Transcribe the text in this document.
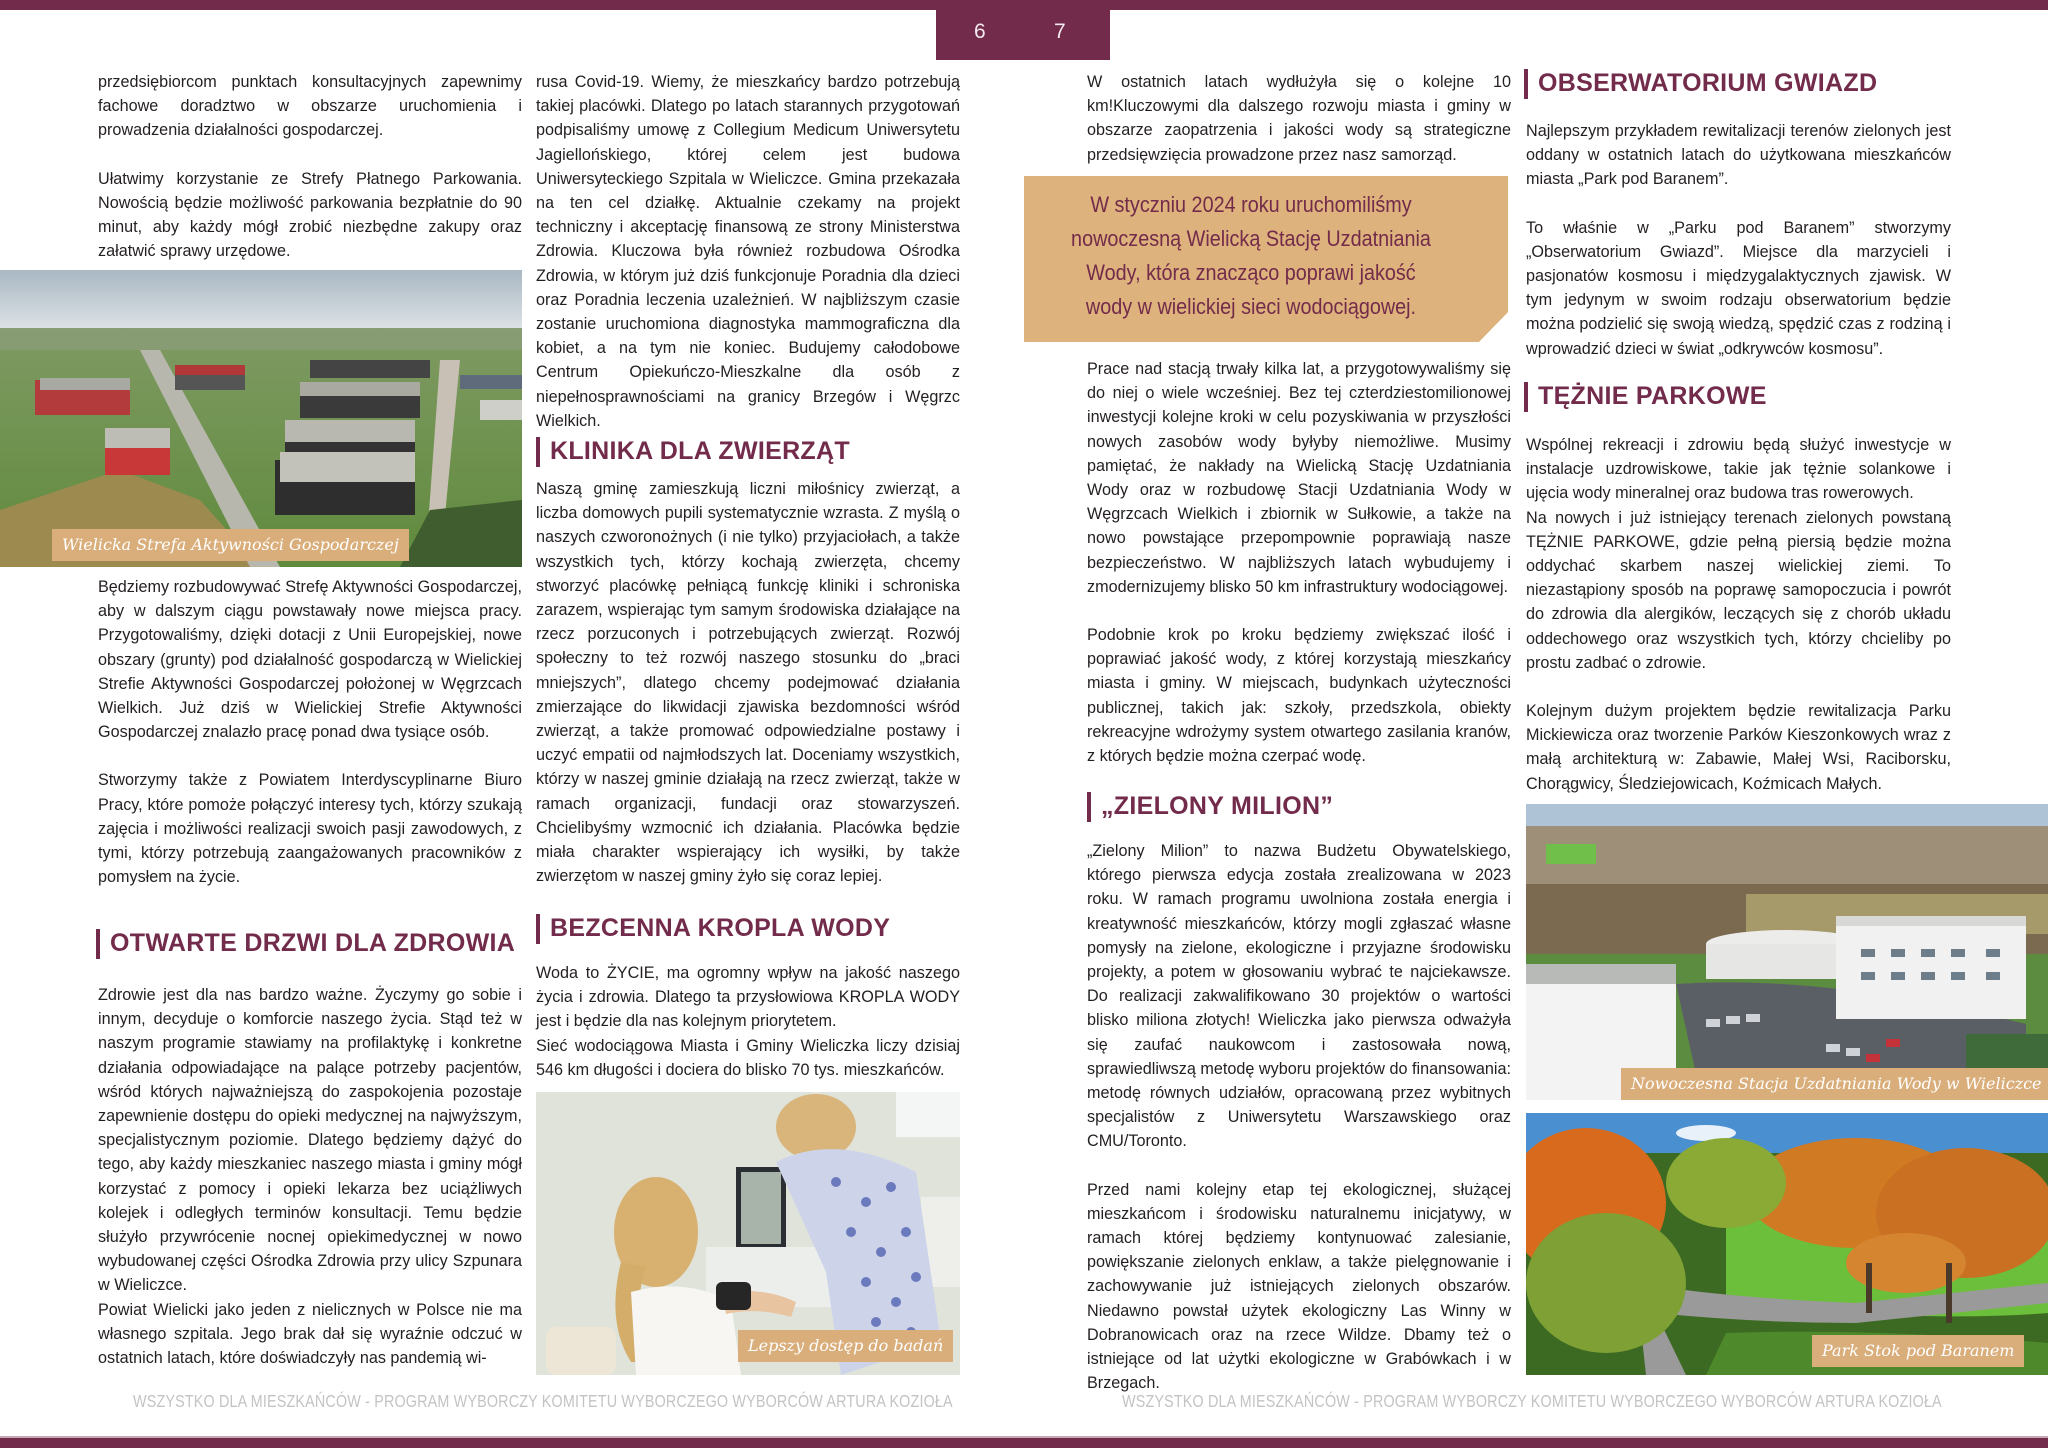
6	7

przedsiębiorcom punktach konsultacyjnych zapewnimy fachowe doradztwo w obszarze uruchomienia i prowadzenia działalności gospodarczej.

Ułatwimy korzystanie ze Strefy Płatnego Parkowania. Nowością będzie możliwość parkowania bezpłatnie do 90 minut, aby każdy mógł zrobić niezbędne zakupy oraz załatwić sprawy urzędowe.

Wielicka Strefa Aktywności Gospodarczej

Będziemy rozbudowywać Strefę Aktywności Gospodarczej, aby w dalszym ciągu powstawały nowe miejsca pracy. Przygotowaliśmy, dzięki dotacji z Unii Europejskiej, nowe obszary (grunty) pod działalność gospodarczą w Wielickiej Strefie Aktywności Gospodarczej położonej w Węgrzcach Wielkich. Już dziś w Wielickiej Strefie Aktywności Gospodarczej znalazło pracę ponad dwa tysiące osób.

Stworzymy także z Powiatem Interdyscyplinarne Biuro Pracy, które pomoże połączyć interesy tych, którzy szukają zajęcia i możliwości realizacji swoich pasji zawodowych, z tymi, którzy potrzebują zaangażowanych pracowników z pomysłem na życie.

OTWARTE DRZWI DLA ZDROWIA

Zdrowie jest dla nas bardzo ważne. Życzymy go sobie i innym, decyduje o komforcie naszego życia. Stąd też w naszym programie stawiamy na profilaktykę i konkretne działania odpowiadające na palące potrzeby pacjentów, wśród których najważniejszą do zaspokojenia pozostaje zapewnienie dostępu do opieki medycznej na najwyższym, specjalistycznym poziomie. Dlatego będziemy dążyć do tego, aby każdy mieszkaniec naszego miasta i gminy mógł korzystać z pomocy i opieki lekarza bez uciążliwych kolejek i odległych terminów konsultacji. Temu będzie służyło przywrócenie nocnej opiekimedycznej w nowo wybudowanej części Ośrodka Zdrowia przy ulicy Szpunara w Wieliczce.

Powiat Wielicki jako jeden z nielicznych w Polsce nie ma własnego szpitala. Jego brak dał się wyraźnie odczuć w ostatnich latach, które doświadczyły nas pandemią wi-

rusa Covid-19. Wiemy, że mieszkańcy bardzo potrzebują takiej placówki. Dlatego po latach starannych przygotowań podpisaliśmy umowę z Collegium Medicum Uniwersytetu Jagiellońskiego, której celem jest budowa Uniwersyteckiego Szpitala w Wieliczce. Gmina przekazała na ten cel działkę. Aktualnie czekamy na projekt techniczny i akceptację finansową ze strony Ministerstwa Zdrowia. Kluczowa była również rozbudowa Ośrodka Zdrowia, w którym już dziś funkcjonuje Poradnia dla dzieci oraz Poradnia leczenia uzależnień. W najbliższym czasie zostanie uruchomiona diagnostyka mammograficzna dla kobiet, a na tym nie koniec. Budujemy całodobowe Centrum Opiekuńczo-Mieszkalne dla osób z niepełnosprawnościami na granicy Brzegów i Węgrzc Wielkich.

KLINIKA DLA ZWIERZĄT

Naszą gminę zamieszkują liczni miłośnicy zwierząt, a liczba domowych pupili systematycznie wzrasta. Z myślą o naszych czworonożnych (i nie tylko) przyjaciołach, a także wszystkich tych, którzy kochają zwierzęta, chcemy stworzyć placówkę pełniącą funkcję kliniki i schroniska zarazem, wspierając tym samym środowiska działające na rzecz porzuconych i potrzebujących zwierząt. Rozwój społeczny to też rozwój naszego stosunku do „braci mniejszych”, dlatego chcemy podejmować działania zmierzające do likwidacji zjawiska bezdomności wśród zwierząt, a także promować odpowiedzialne postawy i uczyć empatii od najmłodszych lat. Doceniamy wszystkich, którzy w naszej gminie działają na rzecz zwierząt, także w ramach organizacji, fundacji oraz stowarzyszeń. Chcielibyśmy wzmocnić ich działania. Placówka będzie miała charakter wspierający ich wysiłki, by także zwierzętom w naszej gminy żyło się coraz lepiej.

BEZCENNA KROPLA WODY

Woda to ŻYCIE, ma ogromny wpływ na jakość naszego życia i zdrowia. Dlatego ta przysłowiowa KROPLA WODY jest i będzie dla nas kolejnym priorytetem.

Sieć wodociągowa Miasta i Gminy Wieliczka liczy dzisiaj 546 km długości i dociera do blisko 70 tys. mieszkańców.

Lepszy dostęp do badań
WSZYSTKO DLA MIESZKAŃCÓW - PROGRAM WYBORCZY KOMITETU WYBORCZEGO WYBORCÓW ARTURA KOZIOŁA

W ostatnich latach wydłużyła się o kolejne 10 km!Kluczowymi dla dalszego rozwoju miasta i gminy w obszarze zaopatrzenia i jakości wody są strategiczne przedsięwzięcia prowadzone przez nasz samorząd.

W styczniu 2024 roku uruchomiliśmy nowoczesną Wielicką Stację Uzdatniania Wody, która znacząco poprawi jakość wody w wielickiej sieci wodociągowej.

Prace nad stacją trwały kilka lat, a przygotowywaliśmy się do niej o wiele wcześniej. Bez tej czterdziestomilionowej inwestycji kolejne kroki w celu pozyskiwania w przyszłości nowych zasobów wody byłyby niemożliwe. Musimy pamiętać, że nakłady na Wielicką Stację Uzdatniania Wody oraz w rozbudowę Stacji Uzdatniania Wody w Węgrzcach Wielkich i zbiornik w Sułkowie, a także na nowo powstające przepompownie poprawiają nasze bezpieczeństwo. W najbliższych latach wybudujemy i zmodernizujemy blisko 50 km infrastruktury wodociągowej.

Podobnie krok po kroku będziemy zwiększać ilość i poprawiać jakość wody, z której korzystają mieszkańcy miasta i gminy. W miejscach, budynkach użyteczności publicznej, takich jak: szkoły, przedszkola, obiekty rekreacyjne wdrożymy system otwartego zasilania kranów, z których będzie można czerpać wodę.

„ZIELONY MILION”

„Zielony Milion” to nazwa Budżetu Obywatelskiego, którego pierwsza edycja została zrealizowana w 2023 roku. W ramach programu uwolniona została energia i kreatywność mieszkańców, którzy mogli zgłaszać własne pomysły na zielone, ekologiczne i przyjazne środowisku projekty, a potem w głosowaniu wybrać te najciekawsze. Do realizacji zakwalifikowano 30 projektów o wartości blisko miliona złotych! Wieliczka jako pierwsza odważyła się zaufać naukowcom i zastosowała nową, sprawiedliwszą metodę wyboru projektów do finansowania: metodę równych udziałów, opracowaną przez wybitnych specjalistów z Uniwersytetu Warszawskiego oraz CMU/Toronto.

Przed nami kolejny etap tej ekologicznej, służącej mieszkańcom i środowisku naturalnemu inicjatywy, w ramach której będziemy kontynuować zalesianie, powiększanie zielonych enklaw, a także pielęgnowanie i zachowywanie już istniejących zielonych obszarów. Niedawno powstał użytek ekologiczny Las Winny w Dobranowicach oraz na rzece Wildze. Dbamy też o istniejące od lat użytki ekologiczne w Grabówkach i w Brzegach.

OBSERWATORIUM GWIAZD

Najlepszym przykładem rewitalizacji terenów zielonych jest oddany w ostatnich latach do użytkowana mieszkańców miasta „Park pod Baranem”.

To właśnie w „Parku pod Baranem” stworzymy „Obserwatorium Gwiazd”. Miejsce dla marzycieli i pasjonatów kosmosu i międzygalaktycznych zjawisk. W tym jedynym w swoim rodzaju obserwatorium będzie można podzielić się swoją wiedzą, spędzić czas z rodziną i wprowadzić dzieci w świat „odkrywców kosmosu”.

TĘŻNIE PARKOWE

Wspólnej rekreacji i zdrowiu będą służyć inwestycje w instalacje uzdrowiskowe, takie jak tężnie solankowe i ujęcia wody mineralnej oraz budowa tras rowerowych.

Na nowych i już istniejący terenach zielonych powstaną TĘŻNIE PARKOWE, gdzie pełną piersią będzie można oddychać skarbem naszej wielickiej ziemi. To niezastąpiony sposób na poprawę samopoczucia i powrót do zdrowia dla alergików, leczących się z chorób układu oddechowego oraz wszystkich tych, którzy chcieliby po prostu zadbać o zdrowie.

Kolejnym dużym projektem będzie rewitalizacja Parku Mickiewicza oraz tworzenie Parków Kieszonkowych wraz z małą architekturą w: Zabawie, Małej Wsi, Raciborsku, Chorągwicy, Śledziejowicach, Koźmicach Małych.

Nowoczesna Stacja Uzdatniania Wody w Wieliczce
Park Stok pod Baranem
WSZYSTKO DLA MIESZKAŃCÓW - PROGRAM WYBORCZY KOMITETU WYBORCZEGO WYBORCÓW ARTURA KOZIOŁA
